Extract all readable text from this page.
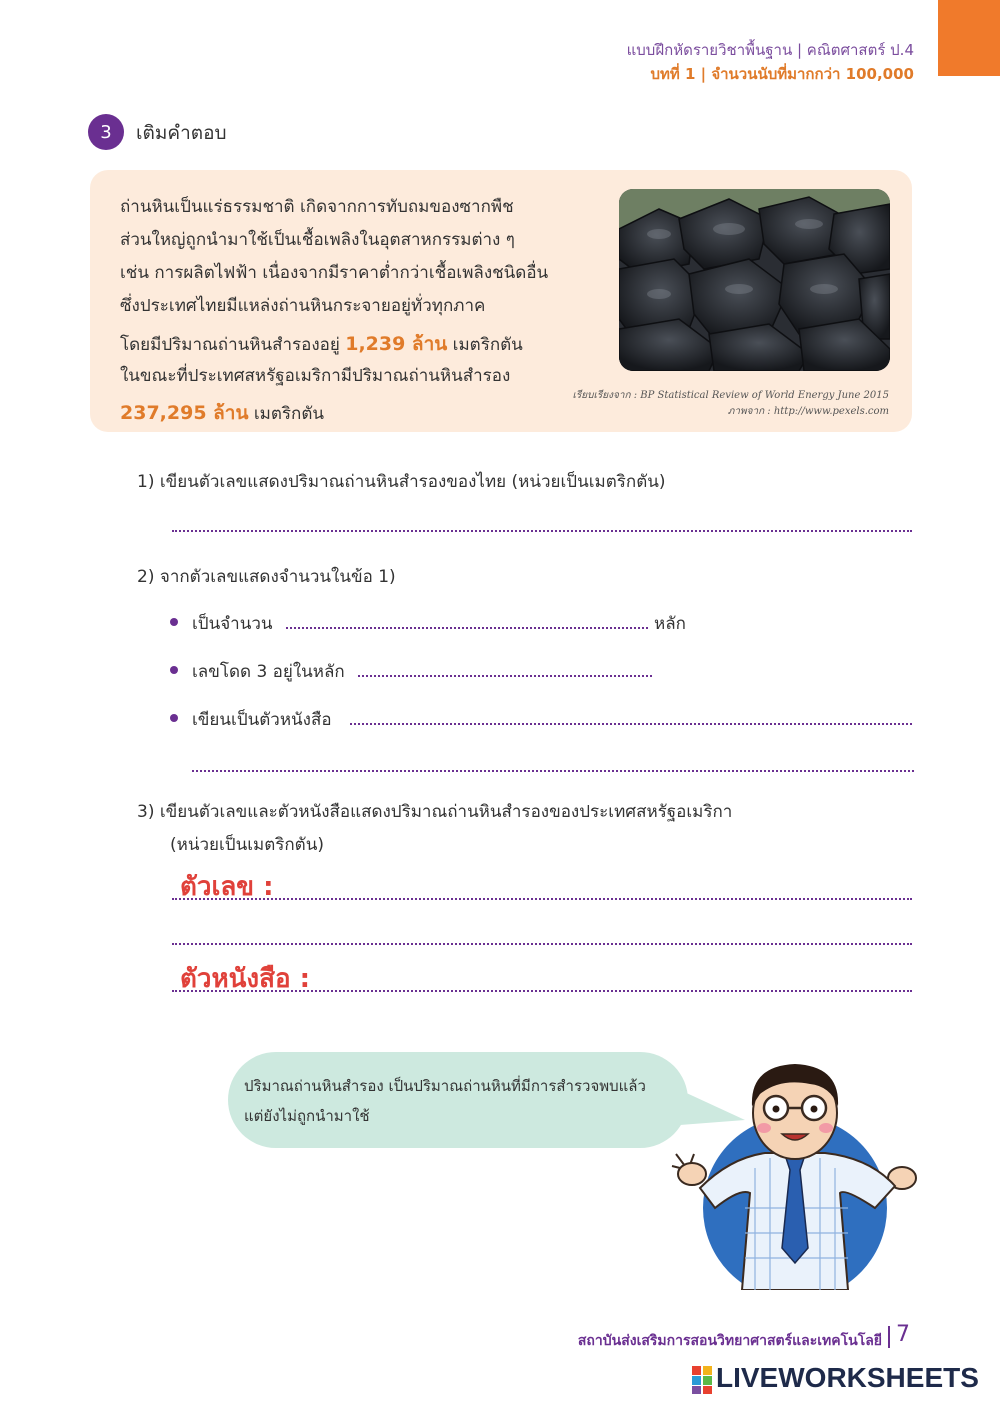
แบบฝึกหัดรายวิชาพื้นฐาน | คณิตศาสตร์ ป.4
บทที่ 1 | จำนวนนับที่มากกว่า 100,000
3	เติมคำตอบ
ถ่านหินเป็นแร่ธรรมชาติ เกิดจากการทับถมของซากพืช
ส่วนใหญ่ถูกนำมาใช้เป็นเชื้อเพลิงในอุตสาหกรรมต่าง ๆ
เช่น การผลิตไฟฟ้า เนื่องจากมีราคาต่ำกว่าเชื้อเพลิงชนิดอื่น
ซึ่งประเทศไทยมีแหล่งถ่านหินกระจายอยู่ทั่วทุกภาค
โดยมีปริมาณถ่านหินสำรองอยู่ 1,239 ล้าน เมตริกตัน
ในขณะที่ประเทศสหรัฐอเมริกามีปริมาณถ่านหินสำรอง
237,295 ล้าน เมตริกตัน
เรียบเรียงจาก : BP Statistical Review of World Energy June 2015
ภาพจาก : http://www.pexels.com
1) เขียนตัวเลขแสดงปริมาณถ่านหินสำรองของไทย (หน่วยเป็นเมตริกตัน)
2) จากตัวเลขแสดงจำนวนในข้อ 1)
เป็นจำนวน	หลัก
เลขโดด 3 อยู่ในหลัก
เขียนเป็นตัวหนังสือ
3) เขียนตัวเลขและตัวหนังสือแสดงปริมาณถ่านหินสำรองของประเทศสหรัฐอเมริกา
(หน่วยเป็นเมตริกตัน)
ตัวเลข :
ตัวหนังสือ :
ปริมาณถ่านหินสำรอง เป็นปริมาณถ่านหินที่มีการสำรวจพบแล้ว
แต่ยังไม่ถูกนำมาใช้
สถาบันส่งเสริมการสอนวิทยาศาสตร์และเทคโนโลยี 7
LIVEWORKSHEETS
